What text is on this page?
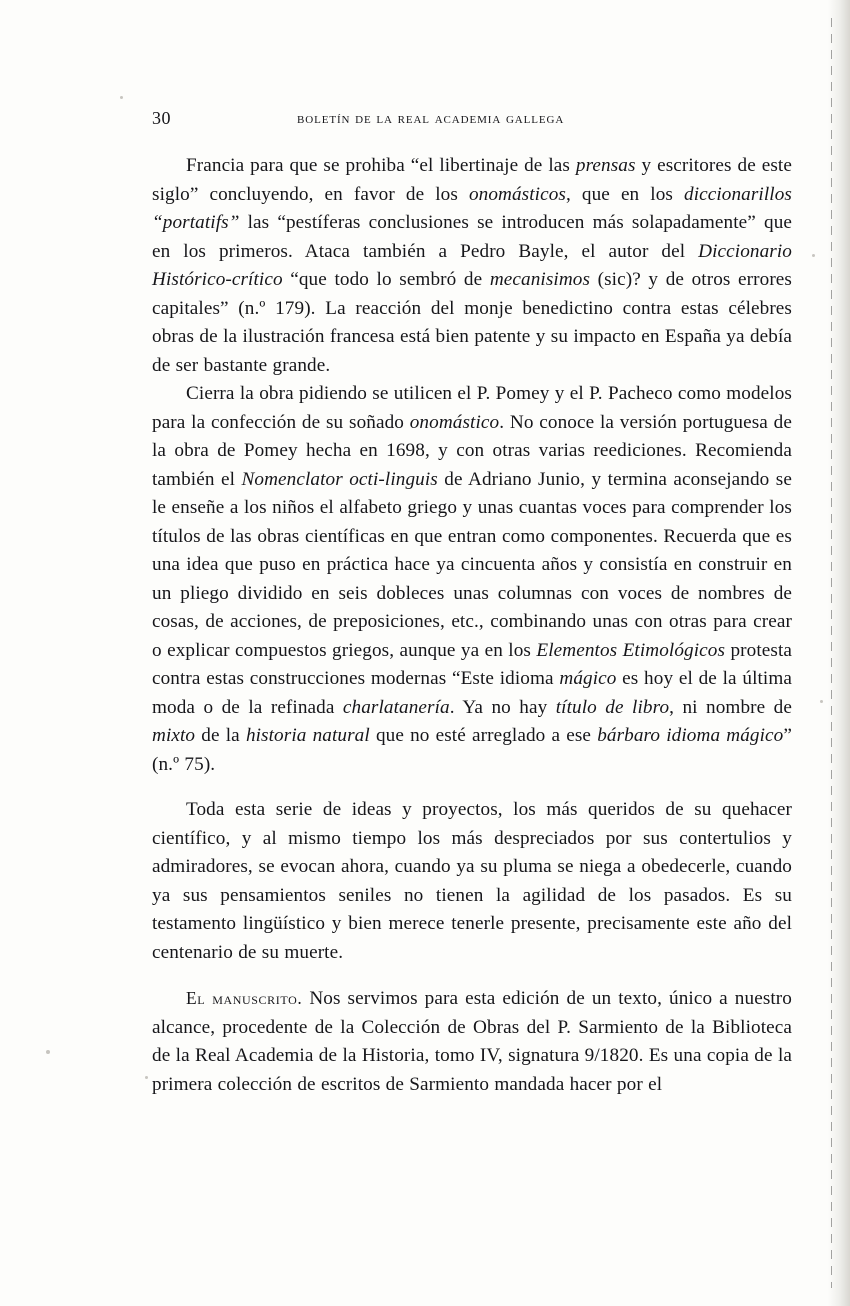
30	boletín de la real academia gallega

Francia para que se prohiba “el libertinaje de las prensas y escritores de este siglo” concluyendo, en favor de los onomásticos, que en los diccionarillos “portatifs” las “pestíferas conclusiones se introducen más solapadamente” que en los primeros. Ataca también a Pedro Bayle, el autor del Diccionario Histórico-crítico “que todo lo sembró de mecanisimos (sic)? y de otros errores capitales” (n.º 179). La reacción del monje benedictino contra estas célebres obras de la ilustración francesa está bien patente y su impacto en España ya debía de ser bastante grande.

Cierra la obra pidiendo se utilicen el P. Pomey y el P. Pacheco como modelos para la confección de su soñado onomástico. No conoce la versión portuguesa de la obra de Pomey hecha en 1698, y con otras varias reediciones. Recomienda también el Nomenclator octi-linguis de Adriano Junio, y termina aconsejando se le enseñe a los niños el alfabeto griego y unas cuantas voces para comprender los títulos de las obras científicas en que entran como componentes. Recuerda que es una idea que puso en práctica hace ya cincuenta años y consistía en construir en un pliego dividido en seis dobleces unas columnas con voces de nombres de cosas, de acciones, de preposiciones, etc., combinando unas con otras para crear o explicar compuestos griegos, aunque ya en los Elementos Etimológicos protesta contra estas construcciones modernas “Este idioma mágico es hoy el de la última moda o de la refinada charlatanería. Ya no hay título de libro, ni nombre de mixto de la historia natural que no esté arreglado a ese bárbaro idioma mágico” (n.º 75).

Toda esta serie de ideas y proyectos, los más queridos de su quehacer científico, y al mismo tiempo los más despreciados por sus contertulios y admiradores, se evocan ahora, cuando ya su pluma se niega a obedecerle, cuando ya sus pensamientos seniles no tienen la agilidad de los pasados. Es su testamento lingüístico y bien merece tenerle presente, precisamente este año del centenario de su muerte.

El manuscrito. Nos servimos para esta edición de un texto, único a nuestro alcance, procedente de la Colección de Obras del P. Sarmiento de la Biblioteca de la Real Academia de la Historia, tomo IV, signatura 9/1820. Es una copia de la primera colección de escritos de Sarmiento mandada hacer por el
